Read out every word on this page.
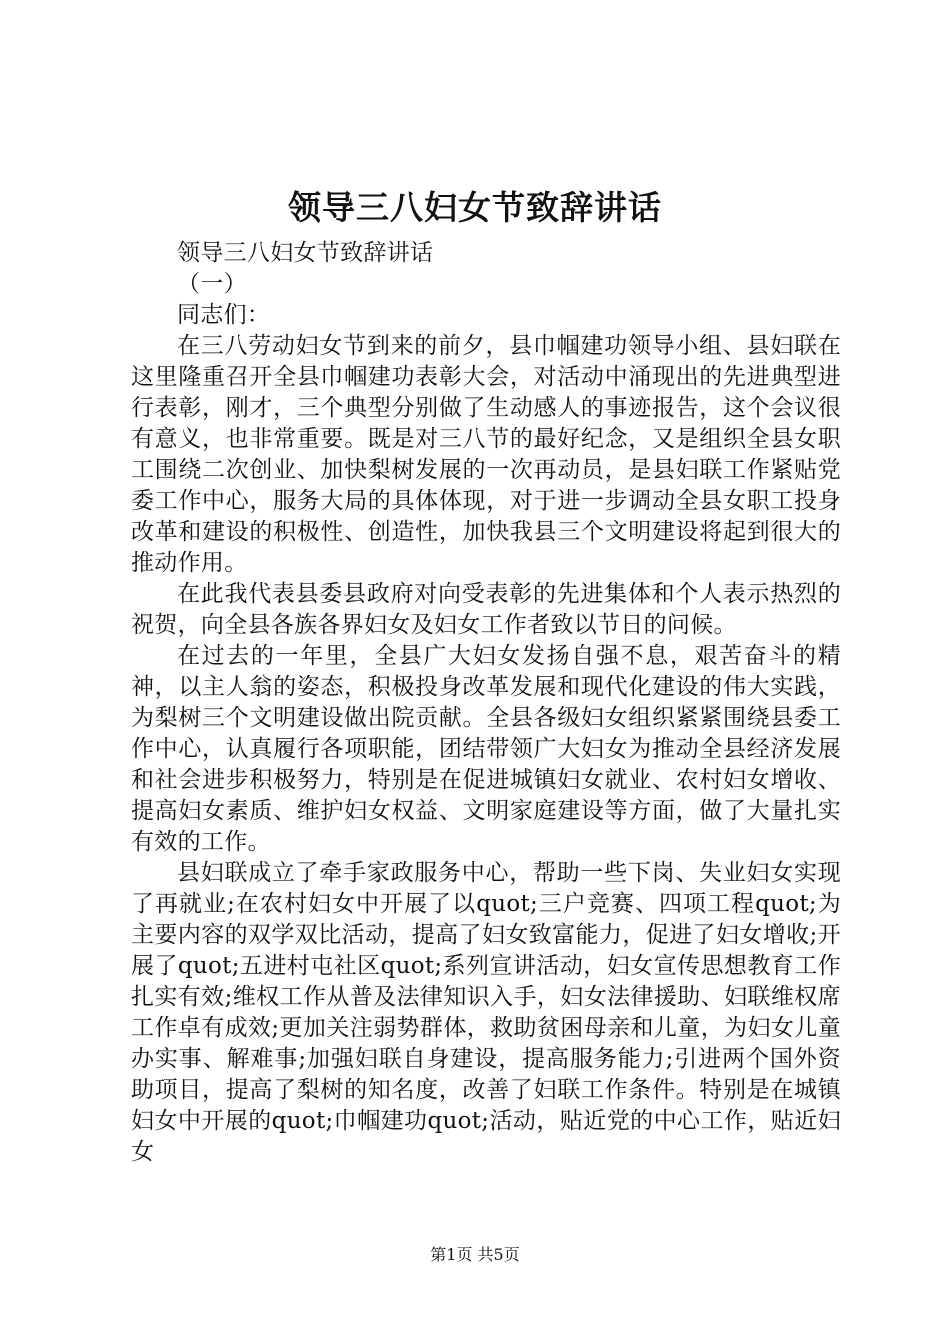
领导三八妇女节致辞讲话

领导三八妇女节致辞讲话

（一）

同志们：

在三八劳动妇女节到来的前夕，县巾帼建功领导小组、县妇联在这里隆重召开全县巾帼建功表彰大会，对活动中涌现出的先进典型进行表彰，刚才，三个典型分别做了生动感人的事迹报告，这个会议很有意义，也非常重要。既是对三八节的最好纪念，又是组织全县女职工围绕二次创业、加快梨树发展的一次再动员，是县妇联工作紧贴党委工作中心，服务大局的具体体现，对于进一步调动全县女职工投身改革和建设的积极性、创造性，加快我县三个文明建设将起到很大的推动作用。

在此我代表县委县政府对向受表彰的先进集体和个人表示热烈的祝贺，向全县各族各界妇女及妇女工作者致以节日的问候。

在过去的一年里，全县广大妇女发扬自强不息，艰苦奋斗的精神，以主人翁的姿态，积极投身改革发展和现代化建设的伟大实践，为梨树三个文明建设做出院贡献。全县各级妇女组织紧紧围绕县委工作中心，认真履行各项职能，团结带领广大妇女为推动全县经济发展和社会进步积极努力，特别是在促进城镇妇女就业、农村妇女增收、提高妇女素质、维护妇女权益、文明家庭建设等方面，做了大量扎实有效的工作。

县妇联成立了牵手家政服务中心，帮助一些下岗、失业妇女实现了再就业;在农村妇女中开展了以quot;三户竞赛、四项工程quot;为主要内容的双学双比活动，提高了妇女致富能力，促进了妇女增收;开展了quot;五进村屯社区quot;系列宣讲活动，妇女宣传思想教育工作扎实有效;维权工作从普及法律知识入手，妇女法律援助、妇联维权席工作卓有成效;更加关注弱势群体，救助贫困母亲和儿童，为妇女儿童办实事、解难事;加强妇联自身建设，提高服务能力;引进两个国外资助项目，提高了梨树的知名度，改善了妇联工作条件。特别是在城镇妇女中开展的quot;巾帼建功quot;活动，贴近党的中心工作，贴近妇女

第1页 共5页
